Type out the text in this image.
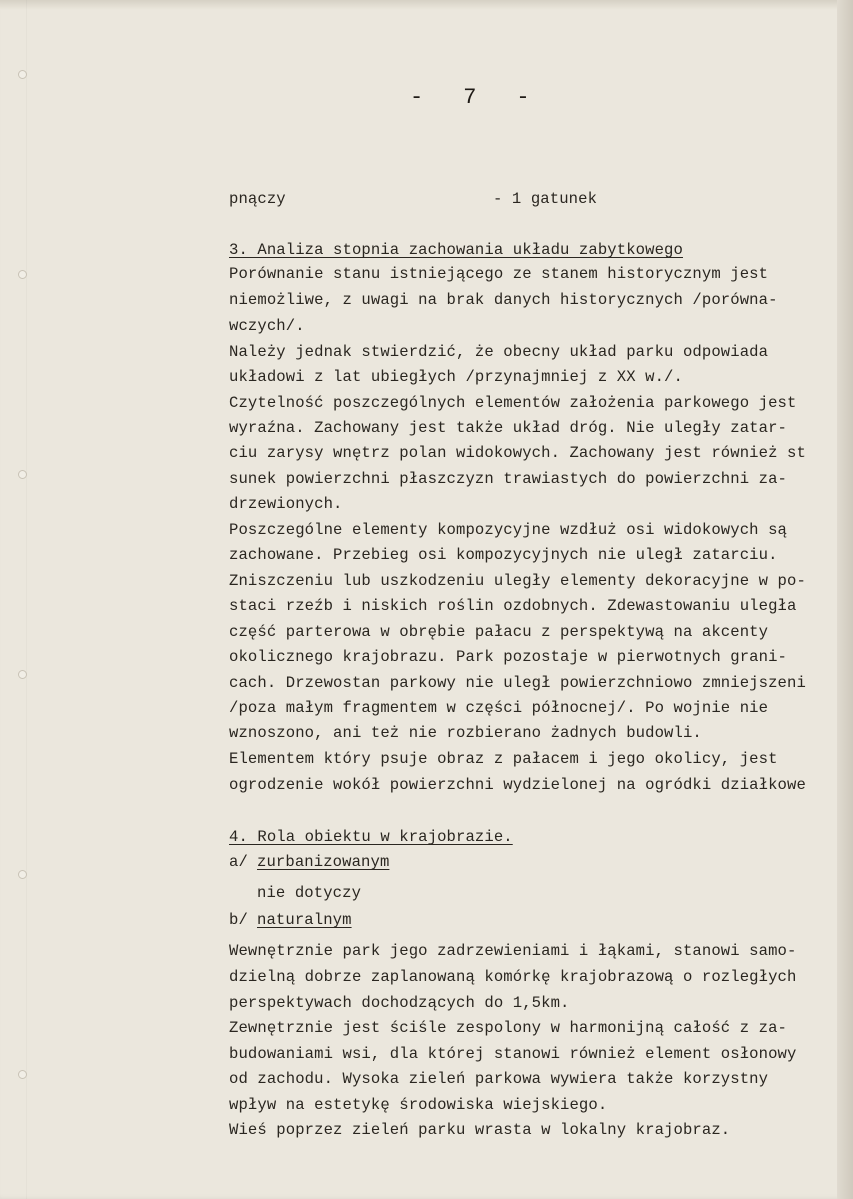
-   7   -
pnączy	- 1 gatunek
3. Analiza stopnia zachowania układu zabytkowego
Porównanie stanu istniejącego ze stanem historycznym jest
niemożliwe, z uwagi na brak danych historycznych /porówna-
wczych/.
Należy jednak stwierdzić, że obecny układ parku odpowiada
układowi z lat ubiegłych /przynajmniej z XX w./.
Czytelność poszczególnych elementów założenia parkowego jest
wyraźna. Zachowany jest także układ dróg. Nie uległy zatar-
ciu zarysy wnętrz polan widokowych. Zachowany jest również st
sunek powierzchni płaszczyzn trawiastych do powierzchni za-
drzewionych.
Poszczególne elementy kompozycyjne wzdłuż osi widokowych są
zachowane. Przebieg osi kompozycyjnych nie uległ zatarciu.
Zniszczeniu lub uszkodzeniu uległy elementy dekoracyjne w po-
staci rzeźb i niskich roślin ozdobnych. Zdewastowaniu uległa
część parterowa w obrębie pałacu z perspektywą na akcenty
okolicznego krajobrazu. Park pozostaje w pierwotnych grani-
cach. Drzewostan parkowy nie uległ powierzchniowo zmniejszeni
/poza małym fragmentem w części północnej/. Po wojnie nie
wznoszono, ani też nie rozbierano żadnych budowli.
Elementem który psuje obraz z pałacem i jego okolicy, jest
ogrodzenie wokół powierzchni wydzielonej na ogródki działkowe
4. Rola obiektu w krajobrazie.
a/ zurbanizowanym
nie dotyczy
b/ naturalnym
Wewnętrznie park jego zadrzewieniami i łąkami, stanowi samo-
dzielną dobrze zaplanowaną komórkę krajobrazową o rozległych
perspektywach dochodzących do 1,5km.
Zewnętrznie jest ściśle zespolony w harmonijną całość z za-
budowaniami wsi, dla której stanowi również element osłonowy
od zachodu. Wysoka zieleń parkowa wywiera także korzystny
wpływ na estetykę środowiska wiejskiego.
Wieś poprzez zieleń parku wrasta w lokalny krajobraz.
